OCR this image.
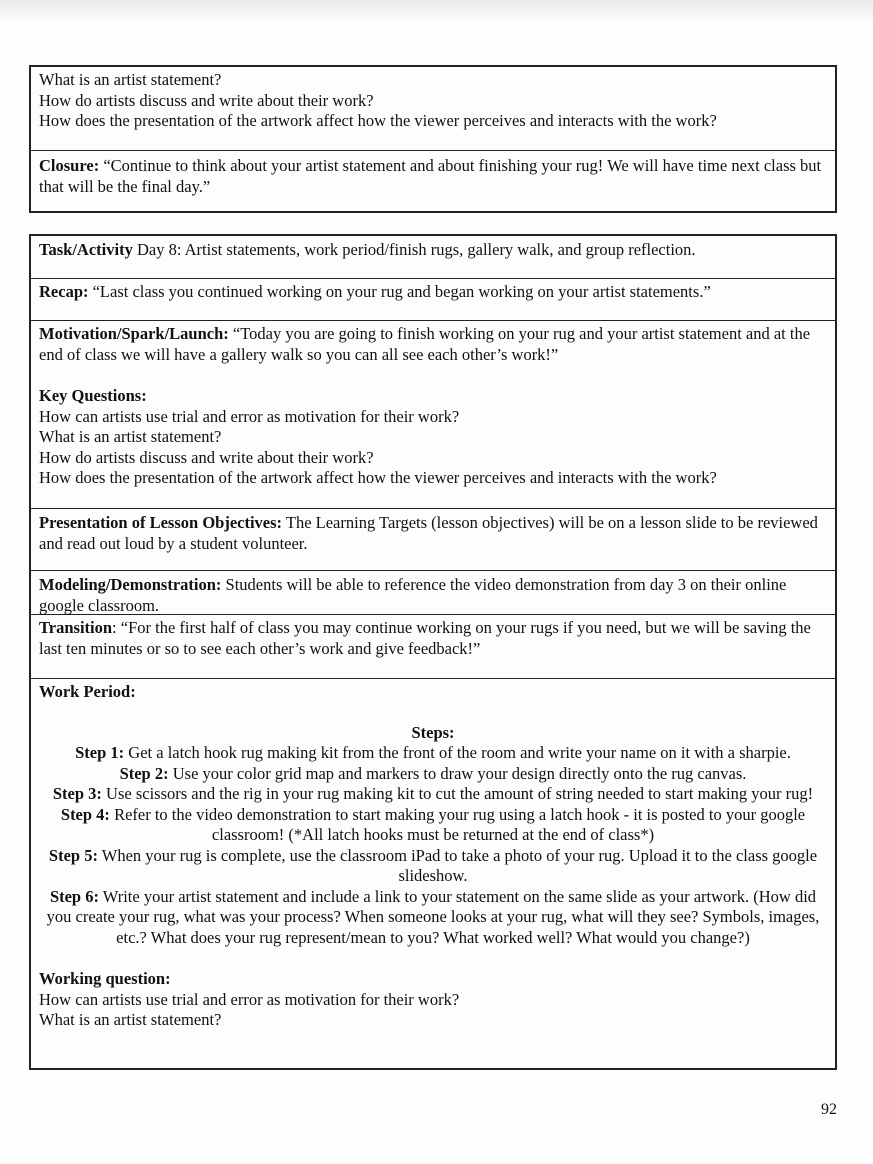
What is an artist statement?
How do artists discuss and write about their work?
How does the presentation of the artwork affect how the viewer perceives and interacts with the work?
Closure: “Continue to think about your artist statement and about finishing your rug! We will have time next class but that will be the final day.”
Task/Activity Day 8: Artist statements, work period/finish rugs, gallery walk, and group reflection.
Recap: “Last class you continued working on your rug and began working on your artist statements.”
Motivation/Spark/Launch: “Today you are going to finish working on your rug and your artist statement and at the end of class we will have a gallery walk so you can all see each other’s work!”
Key Questions:
How can artists use trial and error as motivation for their work?
What is an artist statement?
How do artists discuss and write about their work?
How does the presentation of the artwork affect how the viewer perceives and interacts with the work?
Presentation of Lesson Objectives: The Learning Targets (lesson objectives) will be on a lesson slide to be reviewed and read out loud by a student volunteer.
Modeling/Demonstration: Students will be able to reference the video demonstration from day 3 on their online google classroom.
Transition: “For the first half of class you may continue working on your rugs if you need, but we will be saving the last ten minutes or so to see each other’s work and give feedback!”
Work Period:
Steps:
Step 1: Get a latch hook rug making kit from the front of the room and write your name on it with a sharpie.
Step 2: Use your color grid map and markers to draw your design directly onto the rug canvas.
Step 3: Use scissors and the rig in your rug making kit to cut the amount of string needed to start making your rug!
Step 4: Refer to the video demonstration to start making your rug using a latch hook - it is posted to your google classroom! (*All latch hooks must be returned at the end of class*)
Step 5: When your rug is complete, use the classroom iPad to take a photo of your rug. Upload it to the class google slideshow.
Step 6: Write your artist statement and include a link to your statement on the same slide as your artwork. (How did you create your rug, what was your process? When someone looks at your rug, what will they see? Symbols, images, etc.? What does your rug represent/mean to you? What worked well? What would you change?)
Working question:
How can artists use trial and error as motivation for their work?
What is an artist statement?
92
